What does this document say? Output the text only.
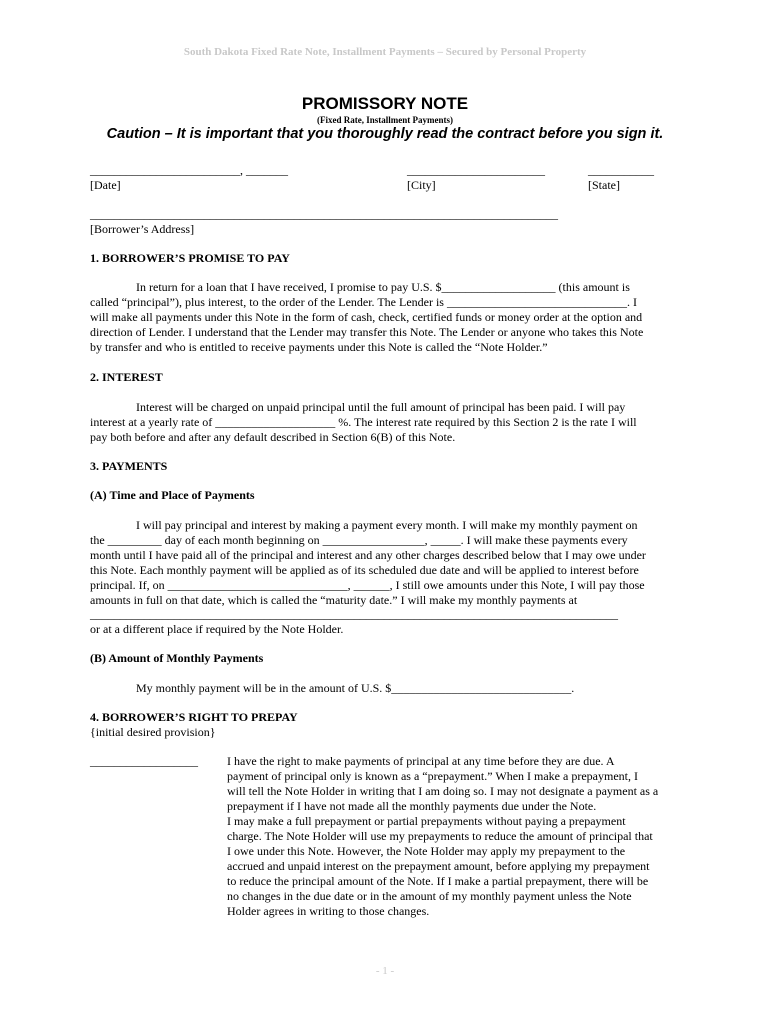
South Dakota Fixed Rate Note, Installment Payments – Secured by Personal Property
PROMISSORY NOTE
(Fixed Rate, Installment Payments)
Caution – It is important that you thoroughly read the contract before you sign it.
_________________________, _______
[Date]
_______________________
[City]
___________
[State]
______________________________________________________________________________
[Borrower’s Address]
1. BORROWER’S PROMISE TO PAY

In return for a loan that I have received, I promise to pay U.S. $___________________ (this amount is

called “principal”), plus interest, to the order of the Lender. The Lender is ______________________________. I

will make all payments under this Note in the form of cash, check, certified funds or money order at the option and

direction of Lender. I understand that the Lender may transfer this Note. The Lender or anyone who takes this Note

by transfer and who is entitled to receive payments under this Note is called the “Note Holder.”

2. INTEREST

Interest will be charged on unpaid principal until the full amount of principal has been paid. I will pay

interest at a yearly rate of ____________________ %. The interest rate required by this Section 2 is the rate I will

pay both before and after any default described in Section 6(B) of this Note.

3. PAYMENTS
(A) Time and Place of Payments

I will pay principal and interest by making a payment every month. I will make my monthly payment on

the _________ day of each month beginning on _________________, _____. I will make these payments every

month until I have paid all of the principal and interest and any other charges described below that I may owe under

this Note. Each monthly payment will be applied as of its scheduled due date and will be applied to interest before

principal. If, on ______________________________, ______, I still owe amounts under this Note, I will pay those

amounts in full on that date, which is called the “maturity date.” I will make my monthly payments at

________________________________________________________________________________________
or at a different place if required by the Note Holder.
(B) Amount of Monthly Payments
My monthly payment will be in the amount of U.S. $______________________________.
4. BORROWER’S RIGHT TO PREPAY
{initial desired provision}
__________________ I have the right to make payments of principal at any time before they are due. A

payment of principal only is known as a “prepayment.” When I make a prepayment, I

will tell the Note Holder in writing that I am doing so. I may not designate a payment as a

prepayment if I have not made all the monthly payments due under the Note.

I may make a full prepayment or partial prepayments without paying a prepayment

charge. The Note Holder will use my prepayments to reduce the amount of principal that

I owe under this Note. However, the Note Holder may apply my prepayment to the

accrued and unpaid interest on the prepayment amount, before applying my prepayment

to reduce the principal amount of the Note. If I make a partial prepayment, there will be

no changes in the due date or in the amount of my monthly payment unless the Note

Holder agrees in writing to those changes.

- 1 -
